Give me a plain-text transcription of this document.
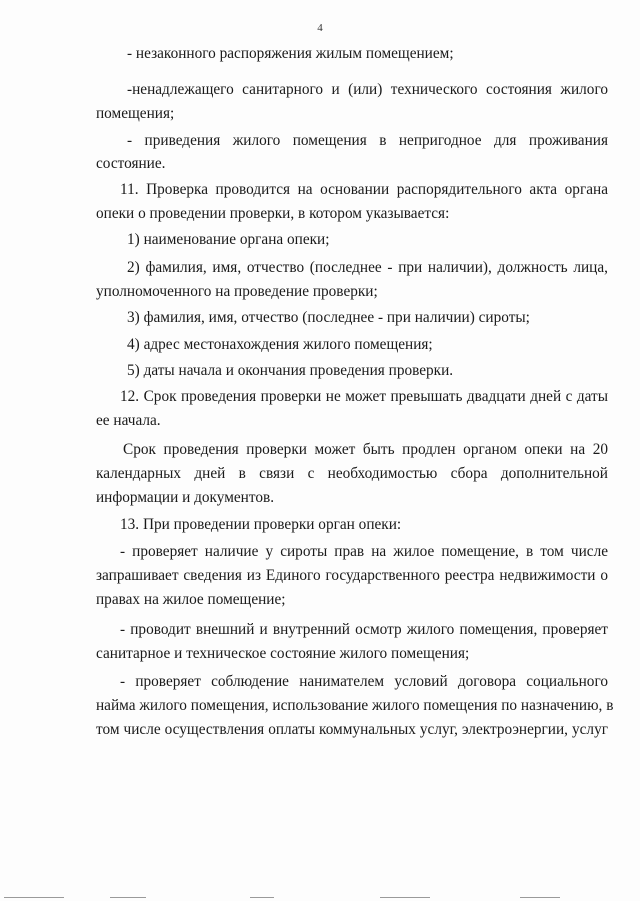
4
- незаконного распоряжения жилым помещением;
-ненадлежащего санитарного и (или) технического состояния жилого
помещения;
- приведения жилого помещения в непригодное для проживания
состояние.
11. Проверка проводится на основании распорядительного акта органа
опеки о проведении проверки, в котором указывается:
1) наименование органа опеки;
2) фамилия, имя, отчество (последнее - при наличии), должность лица,
уполномоченного на проведение проверки;
3) фамилия, имя, отчество (последнее - при наличии) сироты;
4) адрес местонахождения жилого помещения;
5) даты начала и окончания проведения проверки.
12. Срок проведения проверки не может превышать двадцати дней с даты
ее начала.
Срок проведения проверки может быть продлен органом опеки на 20
календарных дней в связи с необходимостью сбора дополнительной
информации и документов.
13. При проведении проверки орган опеки:
- проверяет наличие у сироты прав на жилое помещение, в том числе
запрашивает сведения из Единого государственного реестра недвижимости о
правах на жилое помещение;
- проводит внешний и внутренний осмотр жилого помещения, проверяет
санитарное и техническое состояние жилого помещения;
- проверяет соблюдение нанимателем условий договора социального
найма жилого помещения, использование жилого помещения по назначению, в
том числе осуществления оплаты коммунальных услуг, электроэнергии, услуг
